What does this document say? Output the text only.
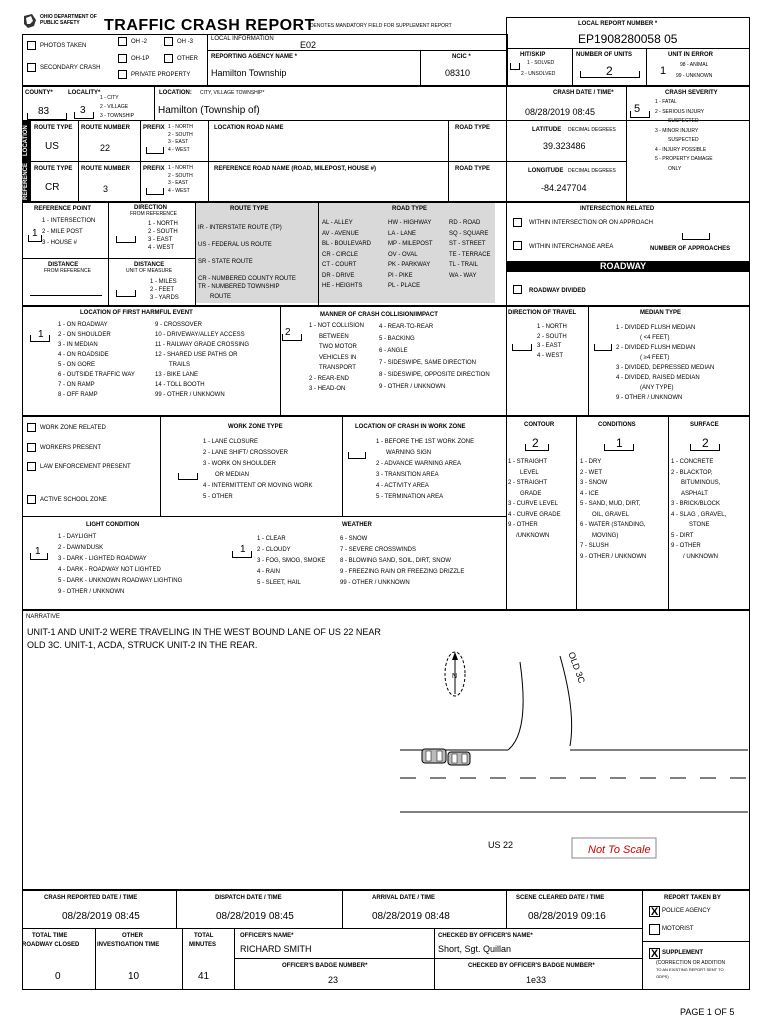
OHIO DEPARTMENT OF PUBLIC SAFETY	TRAFFIC CRASH REPORT
*DENOTES MANDATORY FIELD FOR SUPPLEMENT REPORT
PHOTOS TAKEN
OH -2	OH -3
OH-1P	OTHER
SECONDARY CRASH
PRIVATE PROPERTY
LOCAL INFORMATION
E02
REPORTING AGENCY NAME *
Hamilton Township
NCIC *
08310
LOCAL REPORT NUMBER *
EP1908280058 05
HIT/SKIP
1 - SOLVED
2 - UNSOLVED
NUMBER OF UNITS
2
UNIT IN ERROR
1	98 - ANIMAL
99 - UNKNOWN
COUNTY*
83
LOCALITY*
3
1 - CITY
2 - VILLAGE
3 - TOWNSHIP
LOCATION: CITY, VILLAGE TOWNSHIP*
Hamilton (Township of)
CRASH DATE / TIME*
08/28/2019 08:45
CRASH SEVERITY
5
1 - FATAL
2 - SERIOUS INJURY
SUSPECTED
3 - MINOR INJURY
SUSPECTED
4 - INJURY POSSIBLE
5 - PROPERTY DAMAGE
ONLY
LOCATION
REFERENCE
ROUTE TYPE
US
ROUTE NUMBER
22
PREFIX 1 - NORTH
2 - SOUTH
3 - EAST
4 - WEST
LOCATION ROAD NAME	ROAD TYPE
ROUTE TYPE
CR
ROUTE NUMBER
3
PREFIX 1 - NORTH
2 - SOUTH
3 - EAST
4 - WEST
REFERENCE ROAD NAME (ROAD, MILEPOST, HOUSE #)	ROAD TYPE
LATITUDE DECIMAL DEGREES
39.323486
LONGITUDE DECIMAL DEGREES
-84.247704
REFERENCE POINT
1
1 - INTERSECTION
2 - MILE POST
3 - HOUSE #
DIRECTION
FROM REFERENCE
1 - NORTH
2 - SOUTH
3 - EAST
4 - WEST
DISTANCE
FROM REFERENCE
DISTANCE
UNIT OF MEASURE
1 - MILES
2 - FEET
3 - YARDS
ROUTE TYPE
IR - INTERSTATE ROUTE (TP)
US - FEDERAL US ROUTE
SR - STATE ROUTE
CR - NUMBERED COUNTY ROUTE
TR - NUMBERED TOWNSHIP
ROUTE
ROAD TYPE
AL - ALLEY
AV - AVENUE
BL - BOULEVARD
CR - CIRCLE
CT - COURT
DR - DRIVE
HE - HEIGHTS
HW - HIGHWAY
LA - LANE
MP - MILEPOST
OV - OVAL
PK - PARKWAY
PI - PIKE
PL - PLACE
RD - ROAD
SQ - SQUARE
ST - STREET
TE - TERRACE
TL - TRAIL
WA - WAY
INTERSECTION RELATED
WITHIN INTERSECTION OR ON APPROACH
WITHIN INTERCHANGE AREA	NUMBER OF APPROACHES
ROADWAY
ROADWAY DIVIDED
LOCATION OF FIRST HARMFUL EVENT
1
1 - ON ROADWAY
2 - ON SHOULDER
3 - IN MEDIAN
4 - ON ROADSIDE
5 - ON GORE
6 - OUTSIDE TRAFFIC WAY
7 - ON RAMP
8 - OFF RAMP
9 - CROSSOVER
10 - DRIVEWAY/ALLEY ACCESS
11 - RAILWAY GRADE CROSSING
12 - SHARED USE PATHS OR
TRAILS
13 - BIKE LANE
14 - TOLL BOOTH
99 - OTHER / UNKNOWN
MANNER OF CRASH COLLISION/IMPACT
2
1 - NOT COLLISION
BETWEEN
TWO MOTOR
VEHICLES IN
TRANSPORT
2 - REAR-END
3 - HEAD-ON
4 - REAR-TO-REAR
5 - BACKING
6 - ANGLE
7 - SIDESWIPE, SAME DIRECTION
8 - SIDESWIPE, OPPOSITE DIRECTION
9 - OTHER / UNKNOWN
DIRECTION OF TRAVEL
1 - NORTH
2 - SOUTH
3 - EAST
4 - WEST
MEDIAN TYPE
1 - DIVIDED FLUSH MEDIAN
( <4 FEET)
2 - DIVIDED FLUSH MEDIAN
( ≥4 FEET)
3 - DIVIDED, DEPRESSED MEDIAN
4 - DIVIDED, RAISED MEDIAN
(ANY TYPE)
9 - OTHER / UNKNOWN
WORK ZONE RELATED
WORKERS PRESENT
LAW ENFORCEMENT PRESENT
ACTIVE SCHOOL ZONE
WORK ZONE TYPE
1 - LANE CLOSURE
2 - LANE SHIFT/ CROSSOVER
3 - WORK ON SHOULDER
OR MEDIAN
4 - INTERMITTENT OR MOVING WORK
5 - OTHER
LOCATION OF CRASH IN WORK ZONE
1 - BEFORE THE 1ST WORK ZONE
WARNING SIGN
2 - ADVANCE WARNING AREA
3 - TRANSITION AREA
4 - ACTIVITY AREA
5 - TERMINATION AREA
CONTOUR
2
1 - STRAIGHT
LEVEL
2 - STRAIGHT
GRADE
3 - CURVE LEVEL
4 - CURVE GRADE
9 - OTHER
/UNKNOWN
CONDITIONS
1
1 - DRY
2 - WET
3 - SNOW
4 - ICE
5 - SAND, MUD, DIRT,
OIL, GRAVEL
6 - WATER (STANDING,
MOVING)
7 - SLUSH
9 - OTHER / UNKNOWN
SURFACE
2
1 - CONCRETE
2 - BLACKTOP,
BITUMINOUS,
ASPHALT
3 - BRICK/BLOCK
4 - SLAG , GRAVEL,
STONE
5 - DIRT
9 - OTHER
/ UNKNOWN
LIGHT CONDITION
1
1 - DAYLIGHT
2 - DAWN/DUSK
3 - DARK - LIGHTED ROADWAY
4 - DARK - ROADWAY NOT LIGHTED
5 - DARK - UNKNOWN ROADWAY LIGHTING
9 - OTHER / UNKNOWN
WEATHER
1
1 - CLEAR
2 - CLOUDY
3 - FOG, SMOG, SMOKE
4 - RAIN
5 - SLEET, HAIL
6 - SNOW
7 - SEVERE CROSSWINDS
8 - BLOWING SAND, SOIL, DIRT, SNOW
9 - FREEZING RAIN OR FREEZING DRIZZLE
99 - OTHER / UNKNOWN
NARRATIVE
UNIT-1 AND UNIT-2 WERE TRAVELING IN THE WEST BOUND LANE OF US 22 NEAR
OLD 3C. UNIT-1, ACDA, STRUCK UNIT-2 IN THE REAR.
N	OLD 3C
US 22	Not To Scale
CRASH REPORTED DATE / TIME
08/28/2019 08:45
DISPATCH DATE / TIME
08/28/2019 08:45
ARRIVAL DATE / TIME
08/28/2019 08:48
SCENE CLEARED DATE / TIME
08/28/2019 09:16
REPORT TAKEN BY
X POLICE AGENCY
MOTORIST
X SUPPLEMENT
(CORRECTION OR ADDITION
TO AN EXISTING REPORT SENT TO
ODPS)
TOTAL TIME
ROADWAY CLOSED
0
OTHER
INVESTIGATION TIME
10
TOTAL
MINUTES
41
OFFICER'S NAME*
RICHARD SMITH
CHECKED BY OFFICER'S NAME*
Short, Sgt. Quillan
OFFICER'S BADGE NUMBER*
23
CHECKED BY OFFICER'S BADGE NUMBER*
1e33
PAGE 1 OF 5
